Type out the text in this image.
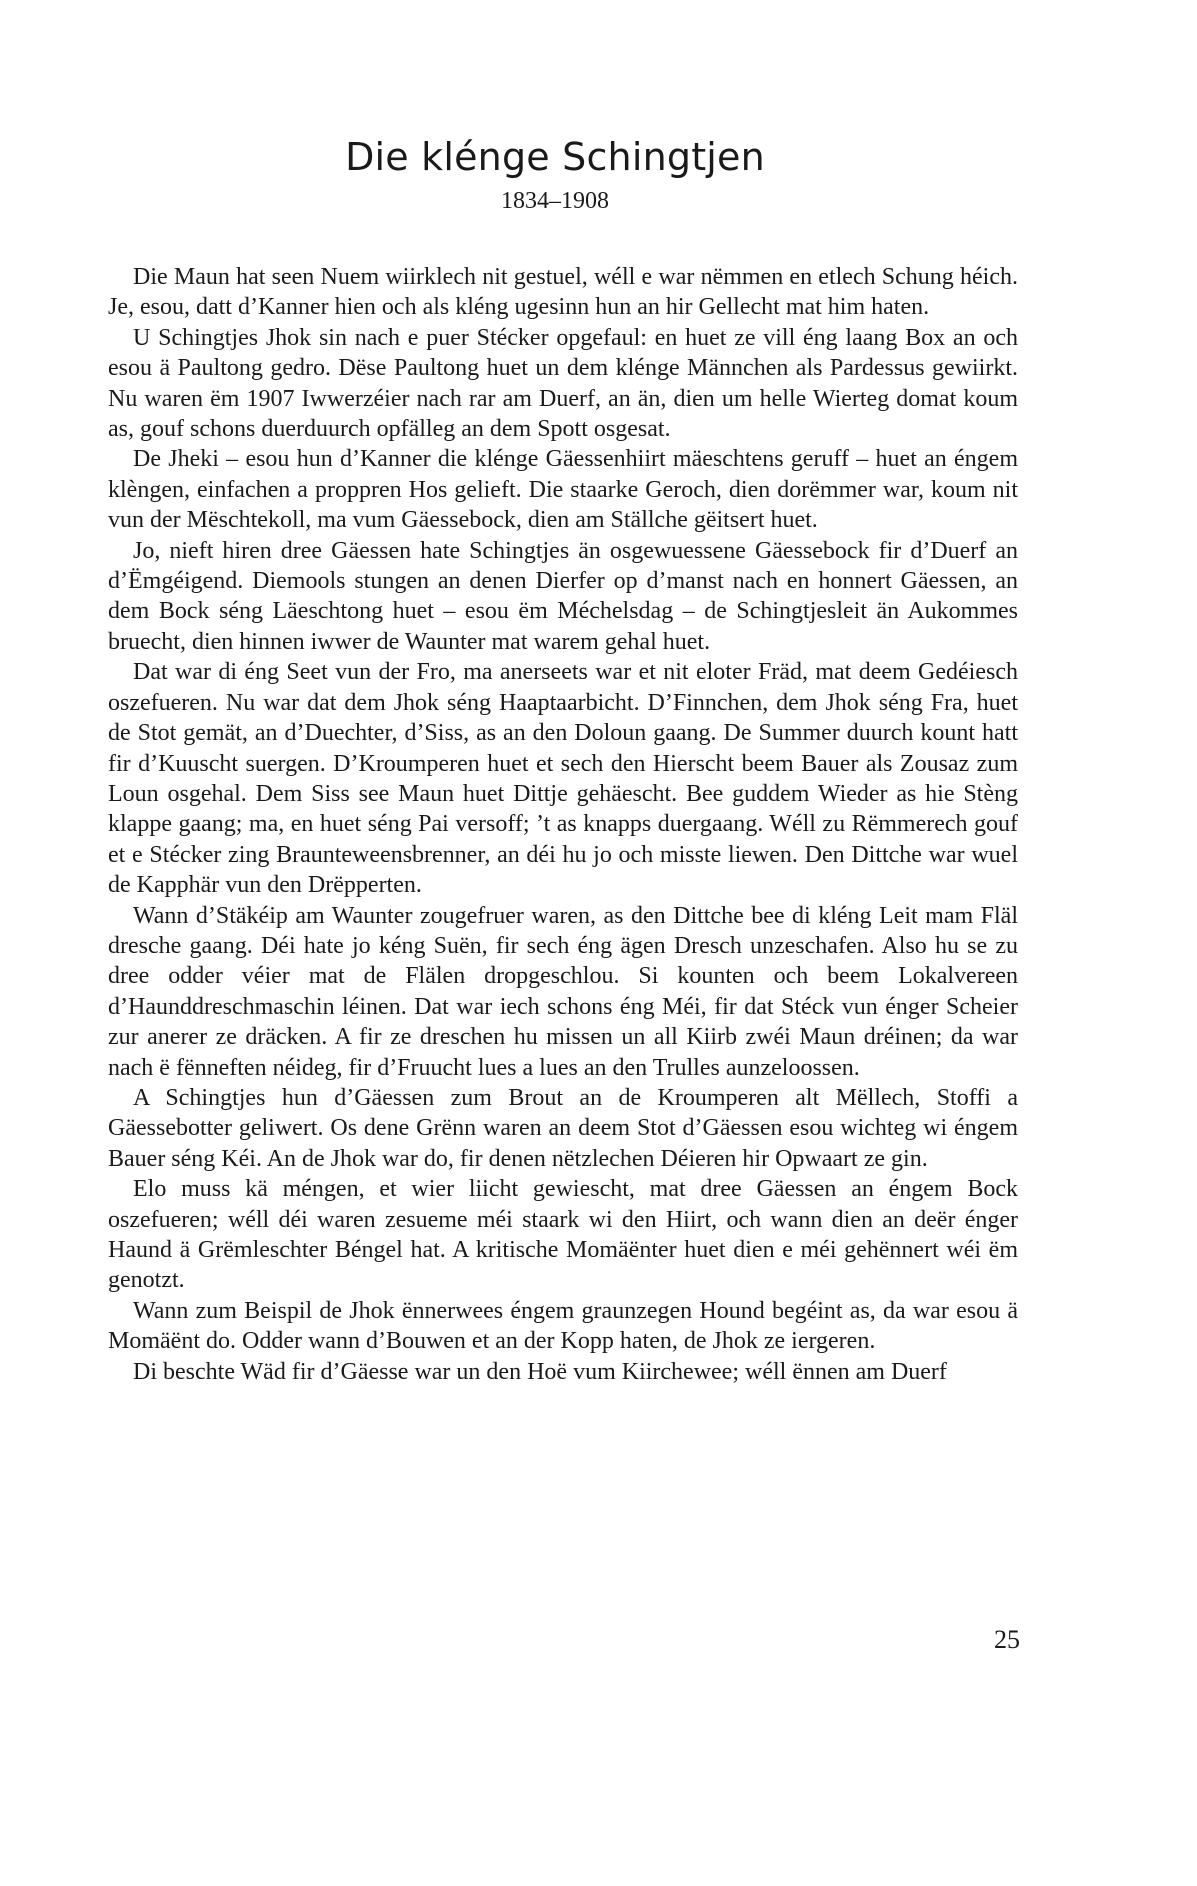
Die klénge Schingtjen
1834–1908

Die Maun hat seen Nuem wiirklech nit gestuel, wéll e war nëmmen en etlech Schung héich. Je, esou, datt d’Kanner hien och als kléng ugesinn hun an hir Gellecht mat him haten.

U Schingtjes Jhok sin nach e puer Stécker opgefaul: en huet ze vill éng laang Box an och esou ä Paultong gedro. Dëse Paultong huet un dem klénge Männchen als Pardessus gewiirkt. Nu waren ëm 1907 Iwwerzéier nach rar am Duerf, an än, dien um helle Wierteg domat koum as, gouf schons duerduurch opfälleg an dem Spott osgesat.

De Jheki – esou hun d’Kanner die klénge Gäessenhiirt mäeschtens geruff – huet an éngem klèngen, einfachen a proppren Hos gelieft. Die staarke Geroch, dien dorëmmer war, koum nit vun der Mëschtekoll, ma vum Gäessebock, dien am Ställche gëitsert huet.

Jo, nieft hiren dree Gäessen hate Schingtjes än osgewuessene Gäessebock fir d’Duerf an d’Ëmgéigend. Diemools stungen an denen Dierfer op d’manst nach en honnert Gäessen, an dem Bock séng Läeschtong huet – esou ëm Méchelsdag – de Schingtjesleit än Aukommes bruecht, dien hinnen iwwer de Waunter mat warem gehal huet.

Dat war di éng Seet vun der Fro, ma anerseets war et nit eloter Fräd, mat deem Gedéiesch oszefueren. Nu war dat dem Jhok séng Haaptaarbicht. D’Finnchen, dem Jhok séng Fra, huet de Stot gemät, an d’Duechter, d’Siss, as an den Doloun gaang. De Summer duurch kount hatt fir d’Kuuscht suergen. D’Kroumperen huet et sech den Hierscht beem Bauer als Zousaz zum Loun osgehal. Dem Siss see Maun huet Dittje gehäescht. Bee guddem Wieder as hie Stèng klappe gaang; ma, en huet séng Pai versoff; ’t as knapps duergaang. Wéll zu Rëmmerech gouf et e Stécker zing Braunteweensbrenner, an déi hu jo och misste liewen. Den Dittche war wuel de Kapphär vun den Drëpperten.

Wann d’Stäkéip am Waunter zougefruer waren, as den Dittche bee di kléng Leit mam Fläl dresche gaang. Déi hate jo kéng Suën, fir sech éng ägen Dresch unzeschafen. Also hu se zu dree odder véier mat de Flälen dropgeschlou. Si kounten och beem Lokalvereen d’Haunddreschmaschin léinen. Dat war iech schons éng Méi, fir dat Stéck vun énger Scheier zur anerer ze dräcken. A fir ze dreschen hu missen un all Kiirb zwéi Maun dréinen; da war nach ë fënneften néideg, fir d’Fruucht lues a lues an den Trulles aunzeloossen.

A Schingtjes hun d’Gäessen zum Brout an de Kroumperen alt Mëllech, Stoffi a Gäessebotter geliwert. Os dene Grënn waren an deem Stot d’Gäessen esou wichteg wi éngem Bauer séng Kéi. An de Jhok war do, fir denen nëtzlechen Déieren hir Opwaart ze gin.

Elo muss kä méngen, et wier liicht gewiescht, mat dree Gäessen an éngem Bock oszefueren; wéll déi waren zesueme méi staark wi den Hiirt, och wann dien an deër énger Haund ä Grëmleschter Béngel hat. A kritische Momäënter huet dien e méi gehënnert wéi ëm genotzt.

Wann zum Beispil de Jhok ënnerwees éngem graunzegen Hound begéint as, da war esou ä Momäënt do. Odder wann d’Bouwen et an der Kopp haten, de Jhok ze iergeren.

Di beschte Wäd fir d’Gäesse war un den Hoë vum Kiirchewee; wéll ënnen am Duerf

25
